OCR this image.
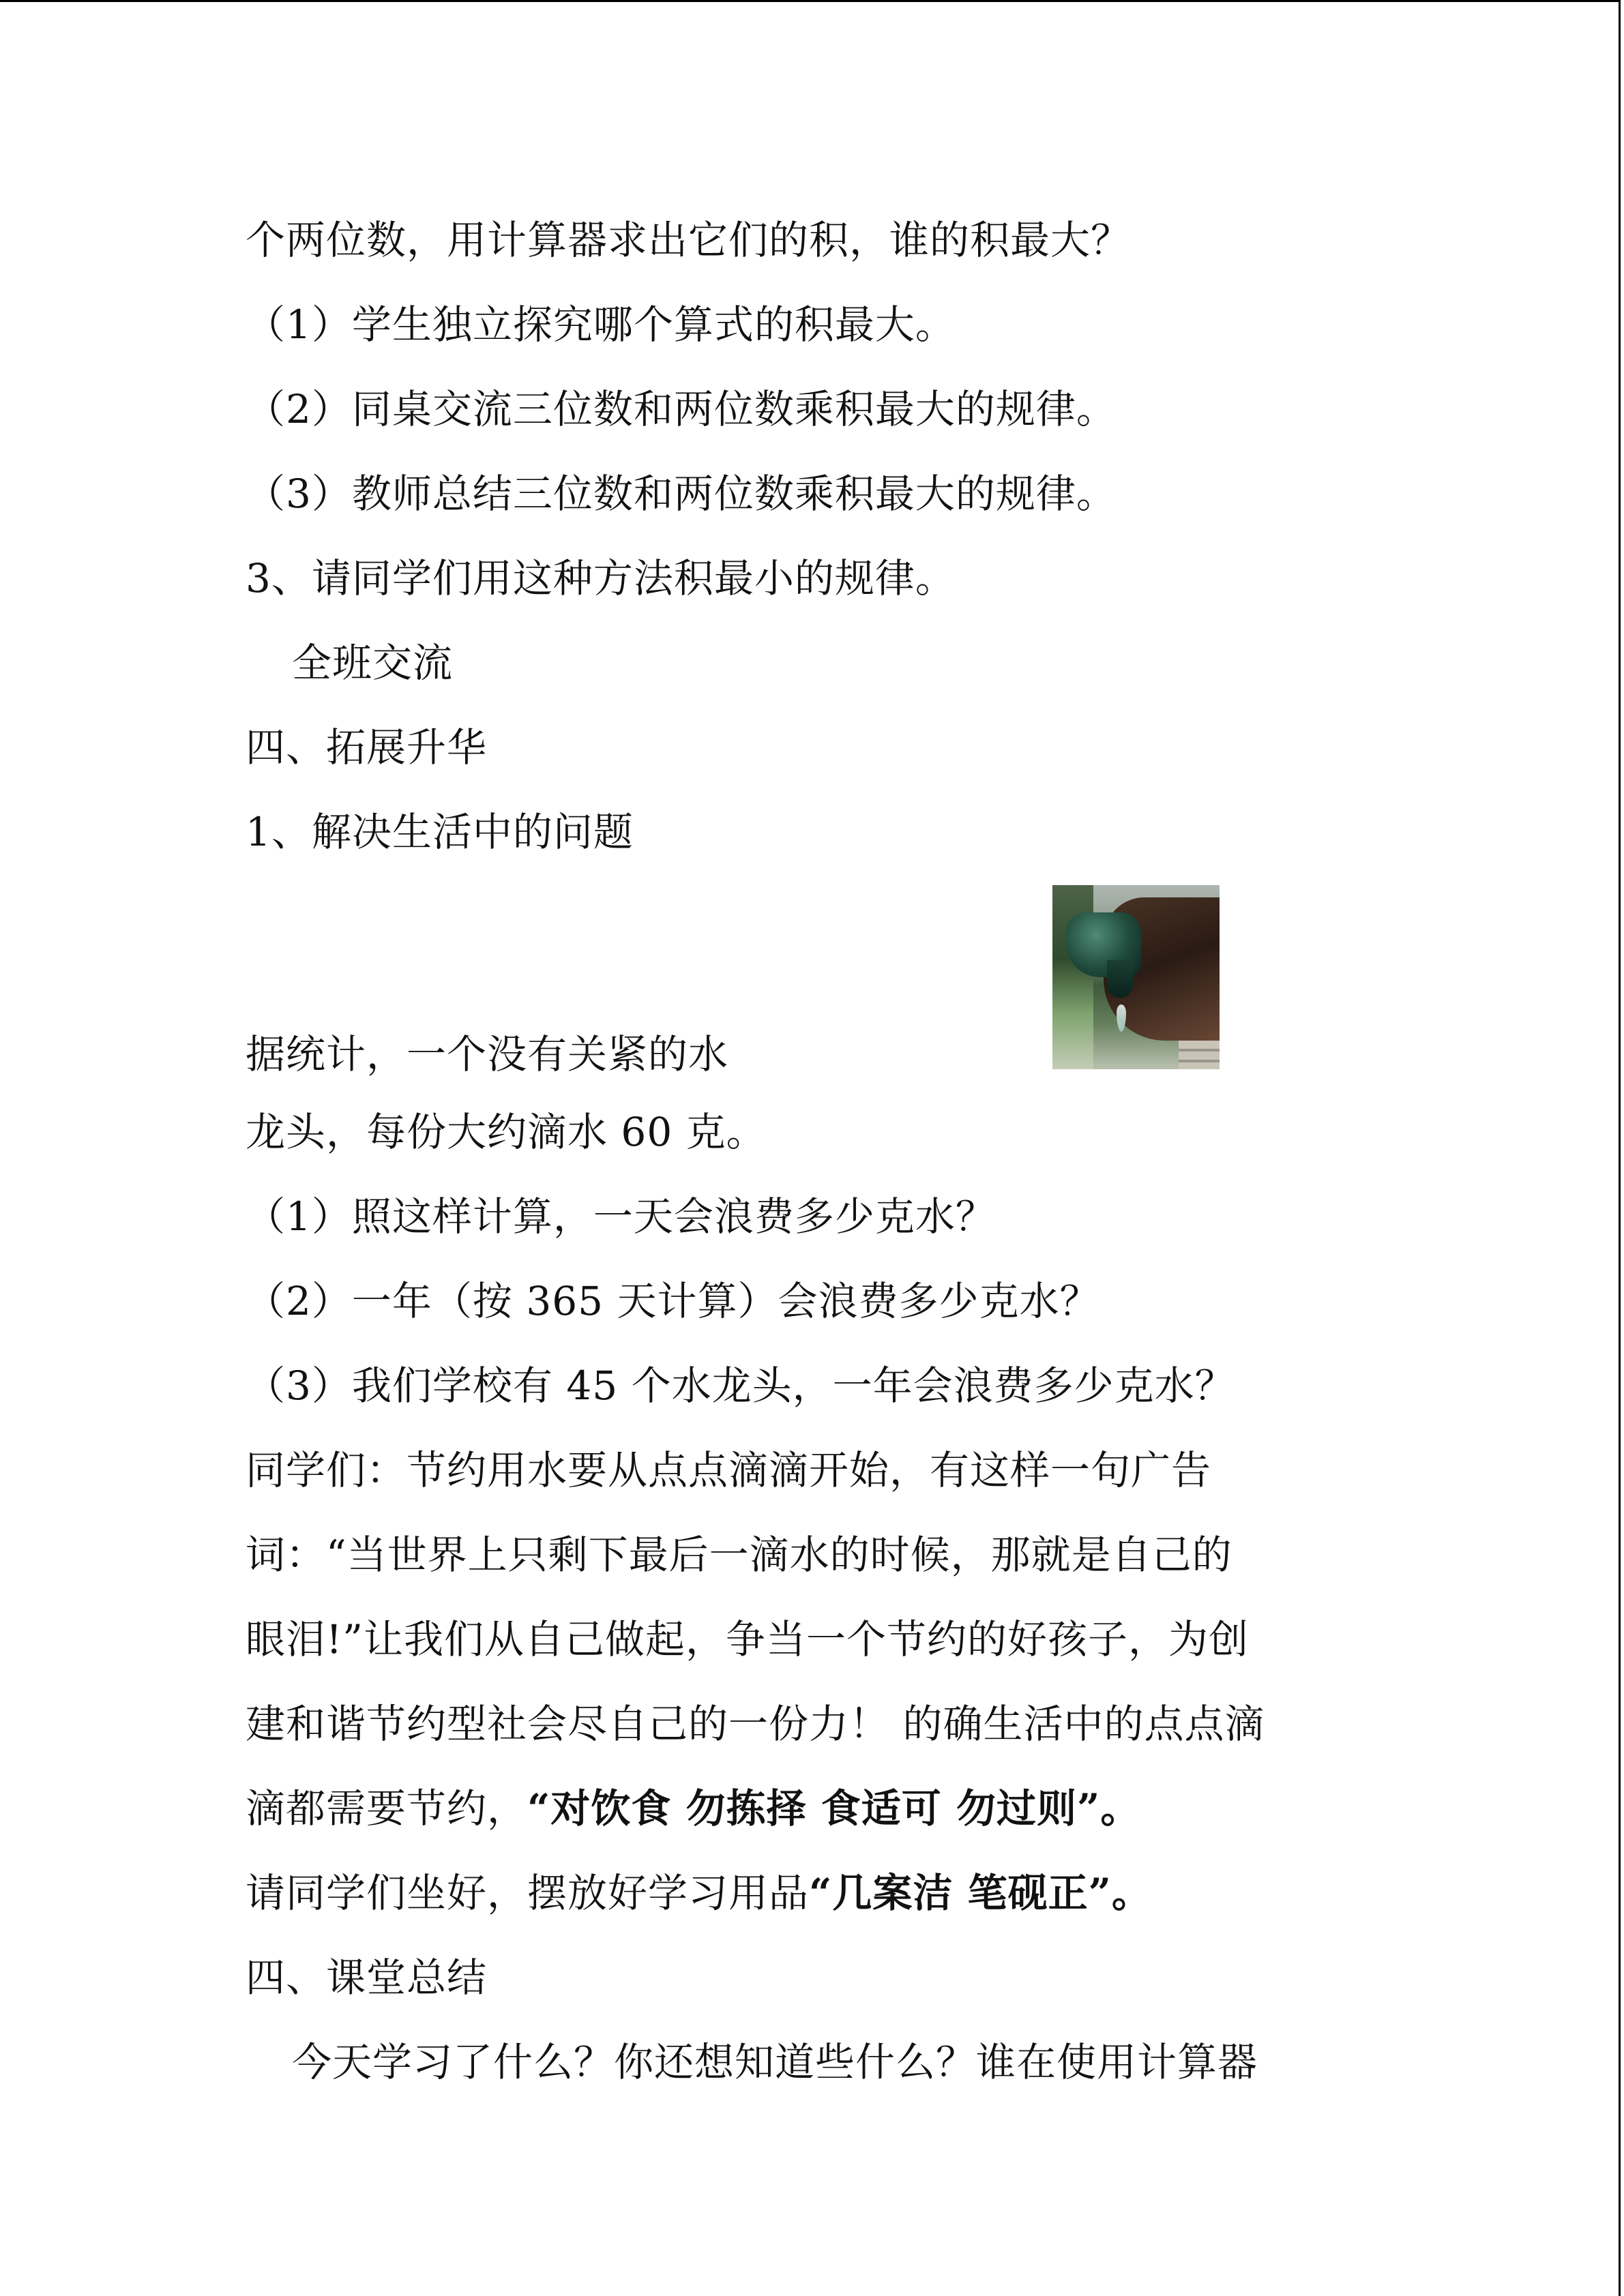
个两位数，用计算器求出它们的积，谁的积最大？
（1）学生独立探究哪个算式的积最大。
（2）同桌交流三位数和两位数乘积最大的规律。
（3）教师总结三位数和两位数乘积最大的规律。
3、请同学们用这种方法积最小的规律。
全班交流
四、拓展升华
1、解决生活中的问题
据统计，一个没有关紧的水
龙头，每份大约滴水 60 克。
（1）照这样计算，一天会浪费多少克水？
（2）一年（按 365 天计算）会浪费多少克水？
（3）我们学校有 45 个水龙头，一年会浪费多少克水？
同学们：节约用水要从点点滴滴开始，有这样一句广告
词：“当世界上只剩下最后一滴水的时候，那就是自己的
眼泪!”让我们从自己做起，争当一个节约的好孩子，为创
建和谐节约型社会尽自己的一份力！ 的确生活中的点点滴
滴都需要节约，“对饮食 勿拣择 食适可 勿过则”。
请同学们坐好，摆放好学习用品“几案洁 笔砚正”。
四、课堂总结
今天学习了什么？你还想知道些什么？谁在使用计算器
